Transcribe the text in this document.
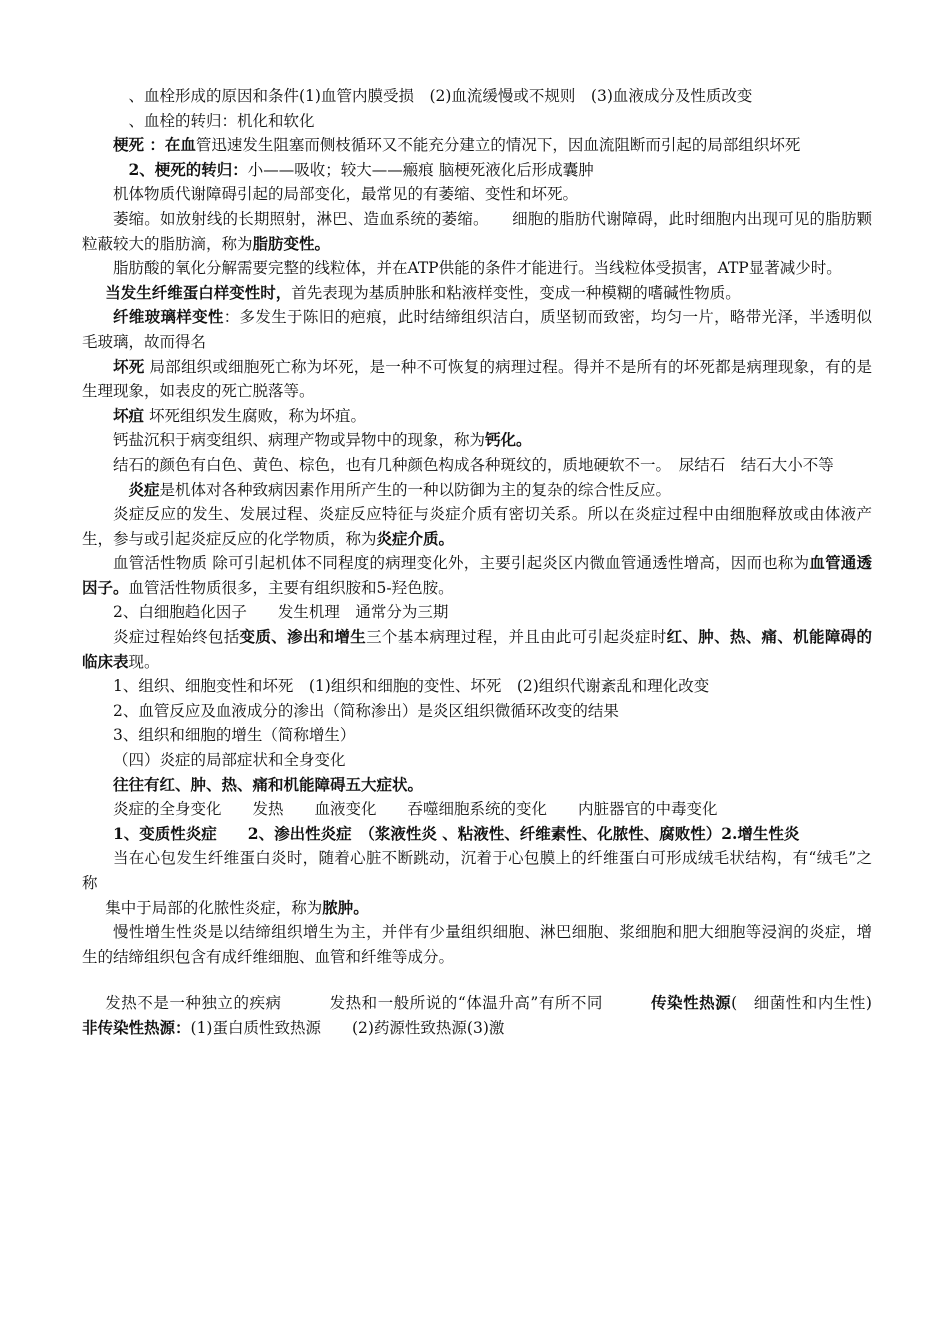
、血栓形成的原因和条件(1)血管内膜受损　(2)血流缓慢或不规则　(3)血液成分及性质改变

、血栓的转归：机化和软化

梗死 ：在血管迅速发生阻塞而侧枝循环又不能充分建立的情况下，因血流阻断而引起的局部组织坏死

2、梗死的转归：小——吸收；较大——瘢痕 脑梗死液化后形成囊肿

机体物质代谢障碍引起的局部变化，最常见的有萎缩、变性和坏死。

萎缩。如放射线的长期照射，淋巴、造血系统的萎缩。　　细胞的脂肪代谢障碍，此时细胞内出现可见的脂肪颗粒蔽较大的脂肪滴，称为脂肪变性。

脂肪酸的氧化分解需要完整的线粒体，并在ATP供能的条件才能进行。当线粒体受损害，ATP显著减少时。

当发生纤维蛋白样变性时，首先表现为基质肿胀和粘液样变性，变成一种模糊的嗜碱性物质。

纤维玻璃样变性：多发生于陈旧的疤痕，此时结缔组织洁白，质坚韧而致密，均匀一片，略带光泽，半透明似毛玻璃，故而得名

坏死 局部组织或细胞死亡称为坏死，是一种不可恢复的病理过程。得并不是所有的坏死都是病理现象，有的是生理现象，如表皮的死亡脱落等。

坏疽 坏死组织发生腐败，称为坏疽。

钙盐沉积于病变组织、病理产物或异物中的现象，称为钙化。

结石的颜色有白色、黄色、棕色，也有几种颜色构成各种斑纹的，质地硬软不一。　尿结石　结石大小不等

炎症是机体对各种致病因素作用所产生的一种以防御为主的复杂的综合性反应。

炎症反应的发生、发展过程、炎症反应特征与炎症介质有密切关系。所以在炎症过程中由细胞释放或由体液产生，参与或引起炎症反应的化学物质，称为炎症介质。

血管活性物质 除可引起机体不同程度的病理变化外，主要引起炎区内微血管通透性增高，因而也称为血管通透因子。血管活性物质很多，主要有组织胺和5-羟色胺。

2、白细胞趋化因子　　发生机理　通常分为三期

炎症过程始终包括变质、渗出和增生三个基本病理过程，并且由此可引起炎症时红、肿、热、痛、机能障碍的临床表现。

1、组织、细胞变性和坏死　(1)组织和细胞的变性、坏死　(2)组织代谢紊乱和理化改变

2、血管反应及血液成分的渗出（简称渗出）是炎区组织微循环改变的结果

3、组织和细胞的增生（简称增生）

（四）炎症的局部症状和全身变化

往往有红、肿、热、痛和机能障碍五大症状。

炎症的全身变化　　发热　　血液变化　　吞噬细胞系统的变化　　内脏器官的中毒变化

1、变质性炎症　　2、渗出性炎症　（浆液性炎 、粘液性、纤维素性、化脓性、腐败性）2.增生性炎

当在心包发生纤维蛋白炎时，随着心脏不断跳动，沉着于心包膜上的纤维蛋白可形成绒毛状结构，有“绒毛”之称

集中于局部的化脓性炎症，称为脓肿。

慢性增生性炎是以结缔组织增生为主，并伴有少量组织细胞、淋巴细胞、浆细胞和肥大细胞等浸润的炎症，增生的结缔组织包含有成纤维细胞、血管和纤维等成分。

发热不是一种独立的疾病　　　发热和一般所说的“体温升高”有所不同　　　传染性热源(　细菌性和内生性)　非传染性热源：(1)蛋白质性致热源　　(2)药源性致热源(3)激
